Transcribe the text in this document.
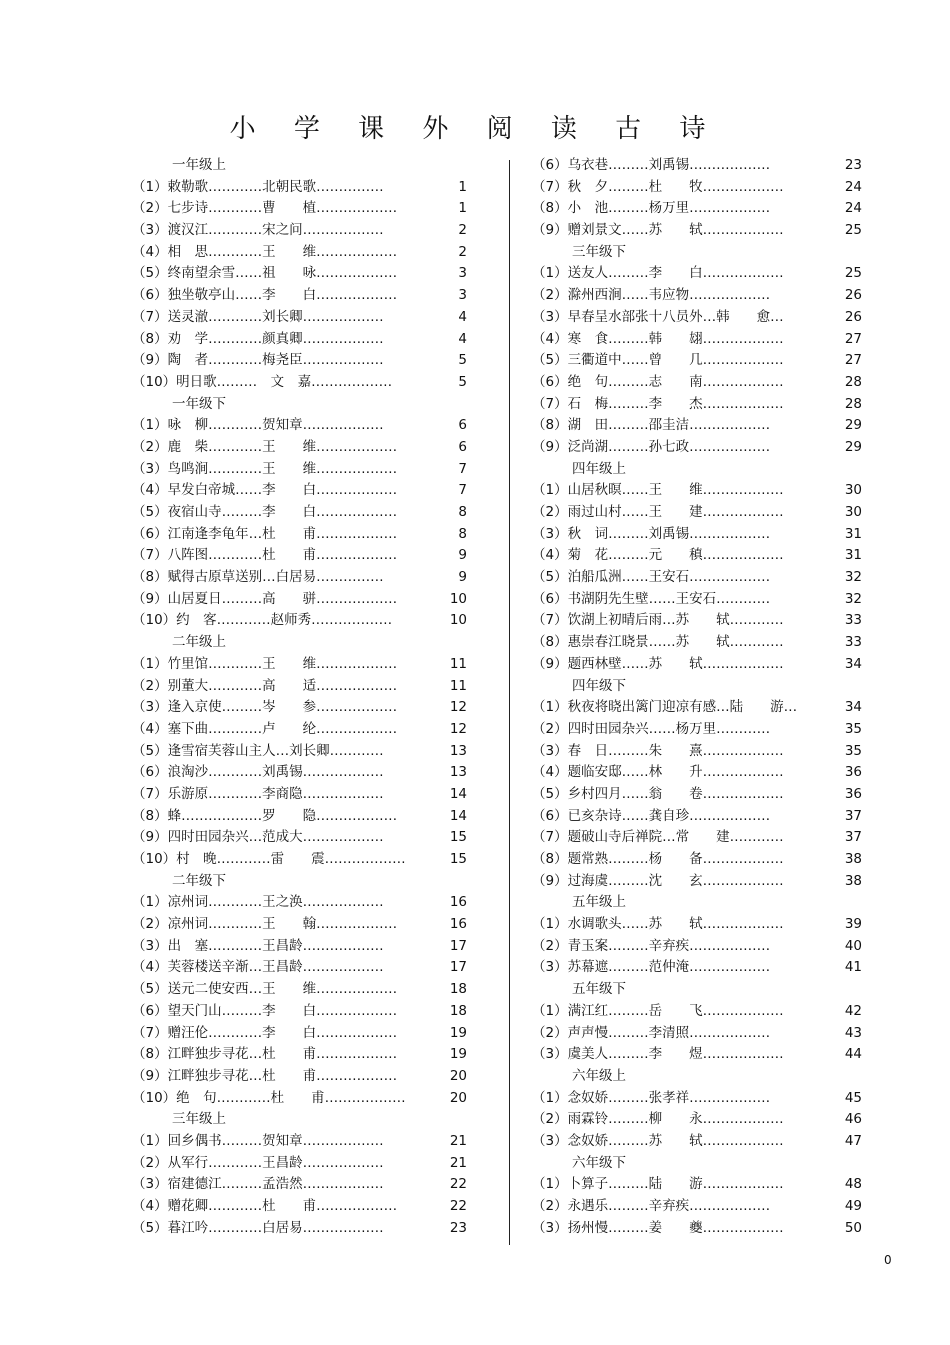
小 学 课 外 阅 读 古 诗
一年级上
（1）敕勒歌…………北朝民歌……………	1
（2）七步诗…………曹　　植………………	1
（3）渡汉江…………宋之问………………	2
（4）相　思…………王　　维………………	2
（5）终南望余雪……祖　　咏………………	3
（6）独坐敬亭山……李　　白………………	3
（7）送灵澈…………刘长卿………………	4
（8）劝　学…………颜真卿………………	4
（9）陶　者…………梅尧臣………………	5
（10）明日歌………　文　嘉………………	5
一年级下
（1）咏　柳…………贺知章………………	6
（2）鹿　柴…………王　　维………………	6
（3）鸟鸣涧…………王　　维………………	7
（4）早发白帝城……李　　白………………	7
（5）夜宿山寺………李　　白………………	8
（6）江南逢李龟年…杜　　甫………………	8
（7）八阵图…………杜　　甫………………	9
（8）赋得古原草送别…白居易……………	9
（9）山居夏日………高　　骈………………	10
（10）约　客…………赵师秀………………	10
二年级上
（1）竹里馆…………王　　维………………	11
（2）别董大…………高　　适………………	11
（3）逢入京使………岑　　参………………	12
（4）塞下曲…………卢　　纶………………	12
（5）逢雪宿芙蓉山主人…刘长卿…………	13
（6）浪淘沙…………刘禹锡………………	13
（7）乐游原…………李商隐………………	14
（8）蜂………………罗　　隐………………	14
（9）四时田园杂兴…范成大………………	15
（10）村　晚…………雷　　震………………	15
二年级下
（1）凉州词…………王之涣………………	16
（2）凉州词…………王　　翰………………	16
（3）出　塞…………王昌龄………………	17
（4）芙蓉楼送辛渐…王昌龄………………	17
（5）送元二使安西…王　　维………………	18
（6）望天门山………李　　白………………	18
（7）赠汪伦…………李　　白………………	19
（8）江畔独步寻花…杜　　甫………………	19
（9）江畔独步寻花…杜　　甫………………	20
（10）绝　句…………杜　　甫………………	20
三年级上
（1）回乡偶书………贺知章………………	21
（2）从军行…………王昌龄………………	21
（3）宿建德江………孟浩然………………	22
（4）赠花卿…………杜　　甫………………	22
（5）暮江吟…………白居易………………	23
（6）乌衣巷………刘禹锡………………	23
（7）秋　夕………杜　　牧………………	24
（8）小　池………杨万里………………	24
（9）赠刘景文……苏　　轼………………	25
三年级下
（1）送友人………李　　白………………	25
（2）滁州西涧……韦应物………………	26
（3）早春呈水部张十八员外…韩　　愈…	26
（4）寒　食………韩　　翃………………	27
（5）三衢道中……曾　　几………………	27
（6）绝　句………志　　南………………	28
（7）石　梅………李　　杰………………	28
（8）湖　田………邵圭洁………………	29
（9）泛尚湖………孙七政………………	29
四年级上
（1）山居秋暝……王　　维………………	30
（2）雨过山村……王　　建………………	30
（3）秋　词………刘禹锡………………	31
（4）菊　花………元　　稹………………	31
（5）泊船瓜洲……王安石………………	32
（6）书湖阴先生壁……王安石…………	32
（7）饮湖上初晴后雨…苏　　轼…………	33
（8）惠崇春江晓景……苏　　轼…………	33
（9）题西林壁……苏　　轼………………	34
四年级下
（1）秋夜将晓出篱门迎凉有感…陆　　游…	34
（2）四时田园杂兴……杨万里…………	35
（3）春　日………朱　　熹………………	35
（4）题临安邸……林　　升………………	36
（5）乡村四月……翁　　卷………………	36
（6）已亥杂诗……龚自珍………………	37
（7）题破山寺后禅院…常　　建…………	37
（8）题常熟………杨　　备………………	38
（9）过海虞………沈　　玄………………	38
五年级上
（1）水调歌头……苏　　轼………………	39
（2）青玉案………辛弃疾………………	40
（3）苏幕遮………范仲淹………………	41
五年级下
（1）满江红………岳　　飞………………	42
（2）声声慢………李清照………………	43
（3）虞美人………李　　煜………………	44
六年级上
（1）念奴娇………张孝祥………………	45
（2）雨霖铃………柳　　永………………	46
（3）念奴娇………苏　　轼………………	47
六年级下
（1）卜算子………陆　　游………………	48
（2）永遇乐………辛弃疾………………	49
（3）扬州慢………姜　　夔………………	50
0
